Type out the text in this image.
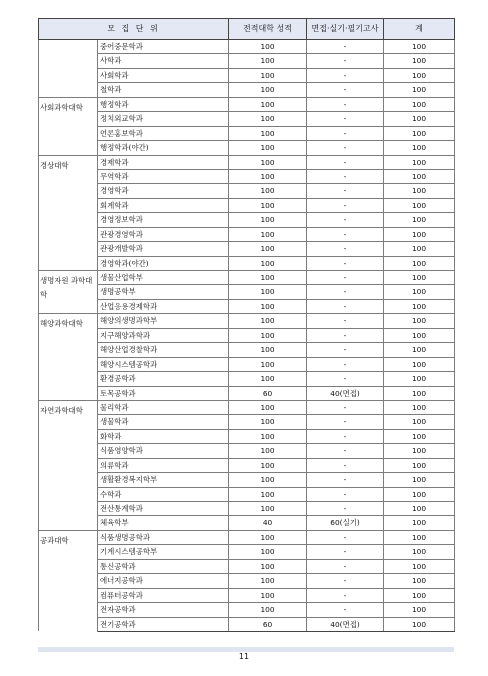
모 집 단 위		전적대학 성적	면접·실기·필기고사	계
	중어중문학과	100	-	100
	사학과	100	-	100
	사회학과	100	-	100
	철학과	100	-	100
사회과학대학	행정학과	100	-	100
	정치외교학과	100	-	100
	언론홍보학과	100	-	100
	행정학과(야간)	100	-	100
경상대학	경제학과	100	-	100
	무역학과	100	-	100
	경영학과	100	-	100
	회계학과	100	-	100
	경영정보학과	100	-	100
	관광경영학과	100	-	100
	관광개발학과	100	-	100
	경영학과(야간)	100	-	100
생명자원 과학대학	생물산업학부	100	-	100
	생명공학부	100	-	100
	산업응용경제학과	100	-	100
해양과학대학	해양의생명과학부	100	-	100
	지구해양과학과	100	-	100
	해양산업경찰학과	100	-	100
	해양시스템공학과	100	-	100
	환경공학과	100	-	100
	토목공학과	60	40(면접)	100
자연과학대학	물리학과	100	-	100
	생물학과	100	-	100
	화학과	100	-	100
	식품영양학과	100	-	100
	의류학과	100	-	100
	생활환경복지학부	100	-	100
	수학과	100	-	100
	전산통계학과	100	-	100
	체육학부	40	60(실기)	100
공과대학	식품생명공학과	100	-	100
	기계시스템공학부	100	-	100
	통신공학과	100	-	100
	에너지공학과	100	-	100
	컴퓨터공학과	100	-	100
	전자공학과	100	-	100
	전기공학과	60	40(면접)	100
11
